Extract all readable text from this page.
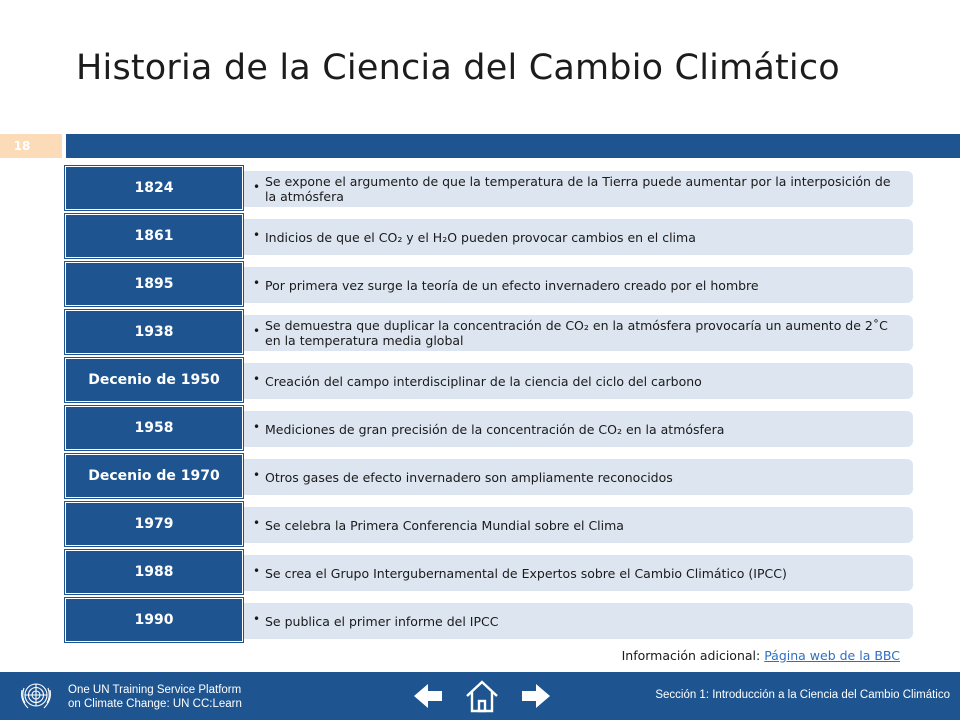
Historia de la Ciencia del Cambio Climático
18
1824	• Se expone el argumento de que la temperatura de la Tierra puede aumentar por la interposición de la atmósfera
1861	• Indicios de que el CO₂ y el H₂O pueden provocar cambios en el clima
1895	• Por primera vez surge la teoría de un efecto invernadero creado por el hombre
1938	• Se demuestra que duplicar la concentración de CO₂ en la atmósfera provocaría un aumento de 2˚C en la temperatura media global
Decenio de 1950	• Creación del campo interdisciplinar de la ciencia del ciclo del carbono
1958	• Mediciones de gran precisión de la concentración de CO₂ en la atmósfera
Decenio de 1970	• Otros gases de efecto invernadero son ampliamente reconocidos
1979	• Se celebra la Primera Conferencia Mundial sobre el Clima
1988	• Se crea el Grupo Intergubernamental de Expertos sobre el Cambio Climático (IPCC)
1990	• Se publica el primer informe del IPCC
Información adicional: Página web de la BBC
One UN Training Service Platform
on Climate Change: UN CC:Learn
Sección 1: Introducción a la Ciencia del Cambio Climático
